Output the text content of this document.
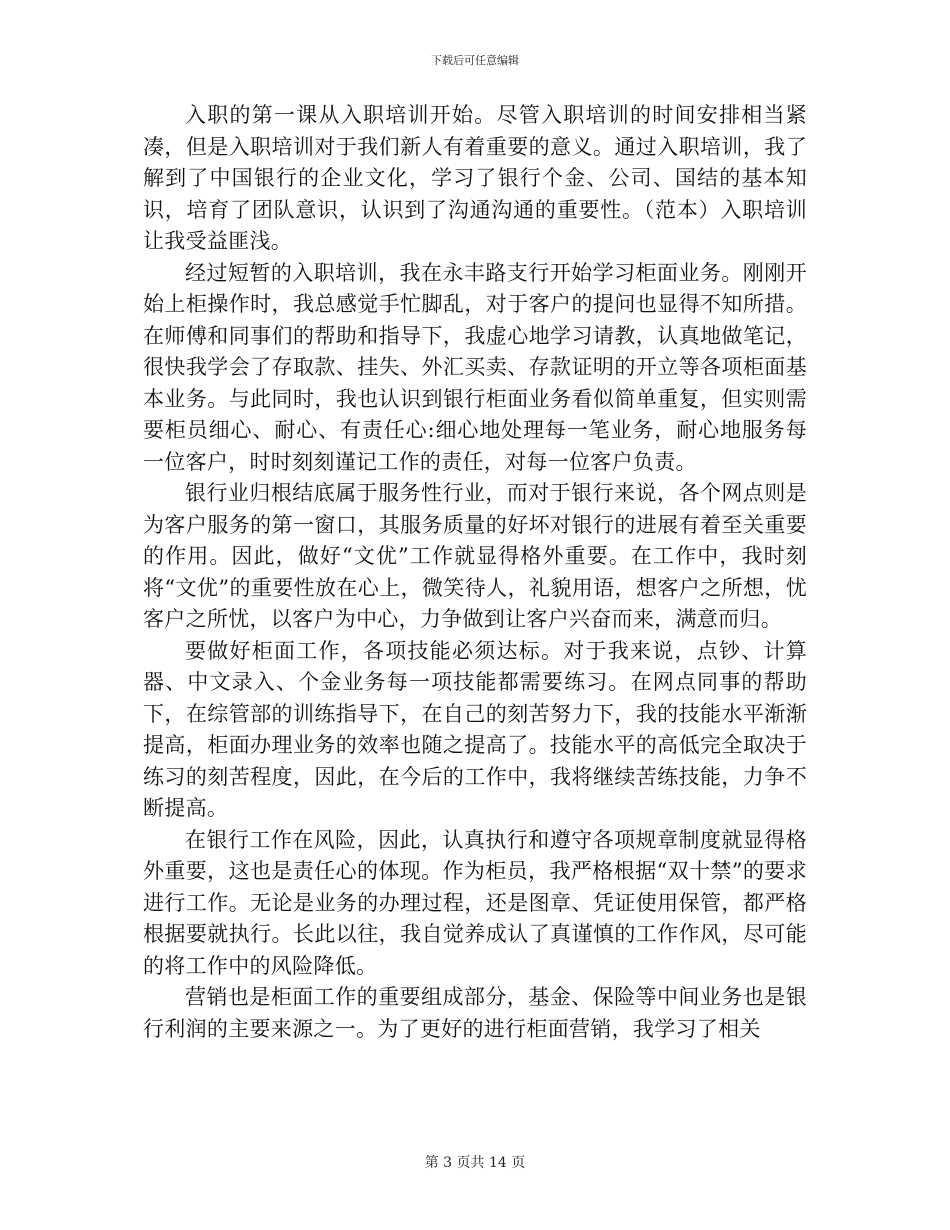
下载后可任意编辑

入职的第一课从入职培训开始。尽管入职培训的时间安排相当紧凑，但是入职培训对于我们新人有着重要的意义。通过入职培训，我了解到了中国银行的企业文化，学习了银行个金、公司、国结的基本知识，培育了团队意识，认识到了沟通沟通的重要性。（范本）入职培训让我受益匪浅。

经过短暂的入职培训，我在永丰路支行开始学习柜面业务。刚刚开始上柜操作时，我总感觉手忙脚乱，对于客户的提问也显得不知所措。在师傅和同事们的帮助和指导下，我虚心地学习请教，认真地做笔记，很快我学会了存取款、挂失、外汇买卖、存款证明的开立等各项柜面基本业务。与此同时，我也认识到银行柜面业务看似简单重复，但实则需要柜员细心、耐心、有责任心:细心地处理每一笔业务，耐心地服务每一位客户，时时刻刻谨记工作的责任，对每一位客户负责。

银行业归根结底属于服务性行业，而对于银行来说，各个网点则是为客户服务的第一窗口，其服务质量的好坏对银行的进展有着至关重要的作用。因此，做好“文优”工作就显得格外重要。在工作中，我时刻将“文优”的重要性放在心上，微笑待人，礼貌用语，想客户之所想，忧客户之所忧，以客户为中心，力争做到让客户兴奋而来，满意而归。

要做好柜面工作，各项技能必须达标。对于我来说，点钞、计算器、中文录入、个金业务每一项技能都需要练习。在网点同事的帮助下，在综管部的训练指导下，在自己的刻苦努力下，我的技能水平渐渐提高，柜面办理业务的效率也随之提高了。技能水平的高低完全取决于练习的刻苦程度，因此，在今后的工作中，我将继续苦练技能，力争不断提高。

在银行工作在风险，因此，认真执行和遵守各项规章制度就显得格外重要，这也是责任心的体现。作为柜员，我严格根据“双十禁”的要求进行工作。无论是业务的办理过程，还是图章、凭证使用保管，都严格根据要就执行。长此以往，我自觉养成认了真谨慎的工作作风，尽可能的将工作中的风险降低。

营销也是柜面工作的重要组成部分，基金、保险等中间业务也是银行利润的主要来源之一。为了更好的进行柜面营销，我学习了相关

第 3 页共 14 页
